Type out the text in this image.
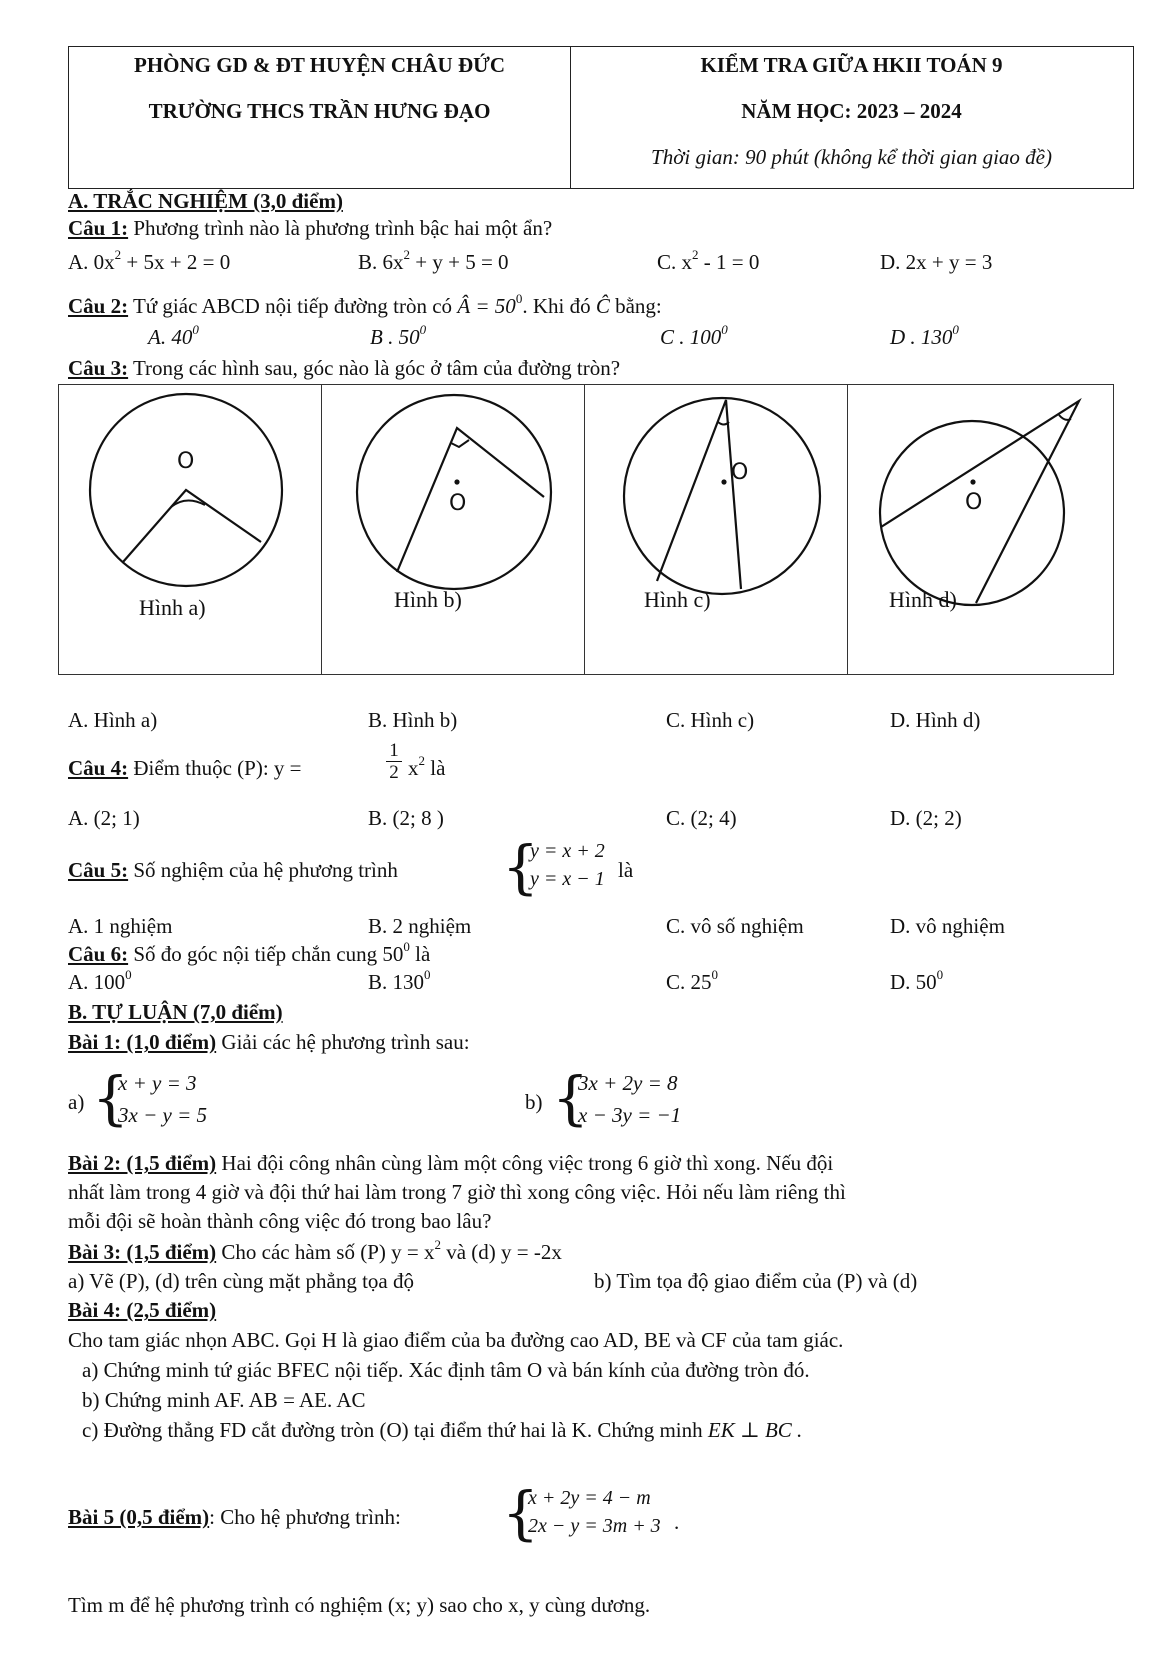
PHÒNG GD & ĐT HUYỆN CHÂU ĐỨC
TRƯỜNG THCS TRẦN HƯNG ĐẠO
KIỂM TRA GIỮA HKII TOÁN 9
NĂM HỌC: 2023 – 2024
Thời gian: 90 phút (không kể thời gian giao đề)
A. TRẮC NGHIỆM (3,0 điểm)
Câu 1: Phương trình nào là phương trình bậc hai một ẩn?
A. $0x^2 + 5x + 2 = 0$	B. $6x^2 + y + 5 = 0$	C. $x^2 - 1 = 0$	D. 2x + y = 3
Câu 2: Tứ giác ABCD nội tiếp đường tròn có Â = $50^0$. Khi đó Ĉ bằng:
A. $40^0$	B . $50^0$	C . $100^0$	D . $130^0$
Câu 3: Trong các hình sau, góc nào là góc ở tâm của đường tròn?
O
O
O
O
Hình a)	Hình b)	Hình c)	Hình d)
A. Hình a)	B. Hình b)	C. Hình c)	D. Hình d)
Câu 4: Điểm thuộc (P): y =
1
2 $x^2$ là
A. (2; 1)	B. (2; 8 )	C. (2; 4)	D. (2; 2)
Câu 5: Số nghiệm của hệ phương trình {
y = x + 2
y = x − 1 là
A. 1 nghiệm	B. 2 nghiệm	C. vô số nghiệm	D. vô nghiệm
Câu 6: Số đo góc nội tiếp chắn cung $50^0$ là
A. $100^0$	B. $130^0$	C. $25^0$	D. $50^0$
B. TỰ LUẬN (7,0 điểm)
Bài 1: (1,0 điểm) Giải các hệ phương trình sau:
a) {
x + y = 3
3x − y = 5
b) {
3x + 2y = 8
x − 3y = −1
Bài 2: (1,5 điểm) Hai đội công nhân cùng làm một công việc trong 6 giờ thì xong. Nếu đội
nhất làm trong 4 giờ và đội thứ hai làm trong 7 giờ thì xong công việc. Hỏi nếu làm riêng thì
mỗi đội sẽ hoàn thành công việc đó trong bao lâu?
Bài 3: (1,5 điểm) Cho các hàm số (P) $y = x^2$ và (d) y = -2x
a) Vẽ (P), (d) trên cùng mặt phẳng tọa độ	b) Tìm tọa độ giao điểm của (P) và (d)
Bài 4: (2,5 điểm)
Cho tam giác nhọn ABC. Gọi H là giao điểm của ba đường cao AD, BE và CF của tam giác.
a) Chứng minh tứ giác BFEC nội tiếp. Xác định tâm O và bán kính của đường tròn đó.
b) Chứng minh AF. AB = AE. AC
c) Đường thẳng FD cắt đường tròn (O) tại điểm thứ hai là K. Chứng minh EK ⊥ BC .
Bài 5 (0,5 điểm): Cho hệ phương trình: {
x + 2y = 4 − m
2x − y = 3m + 3 .
Tìm m để hệ phương trình có nghiệm (x; y) sao cho x, y cùng dương.
